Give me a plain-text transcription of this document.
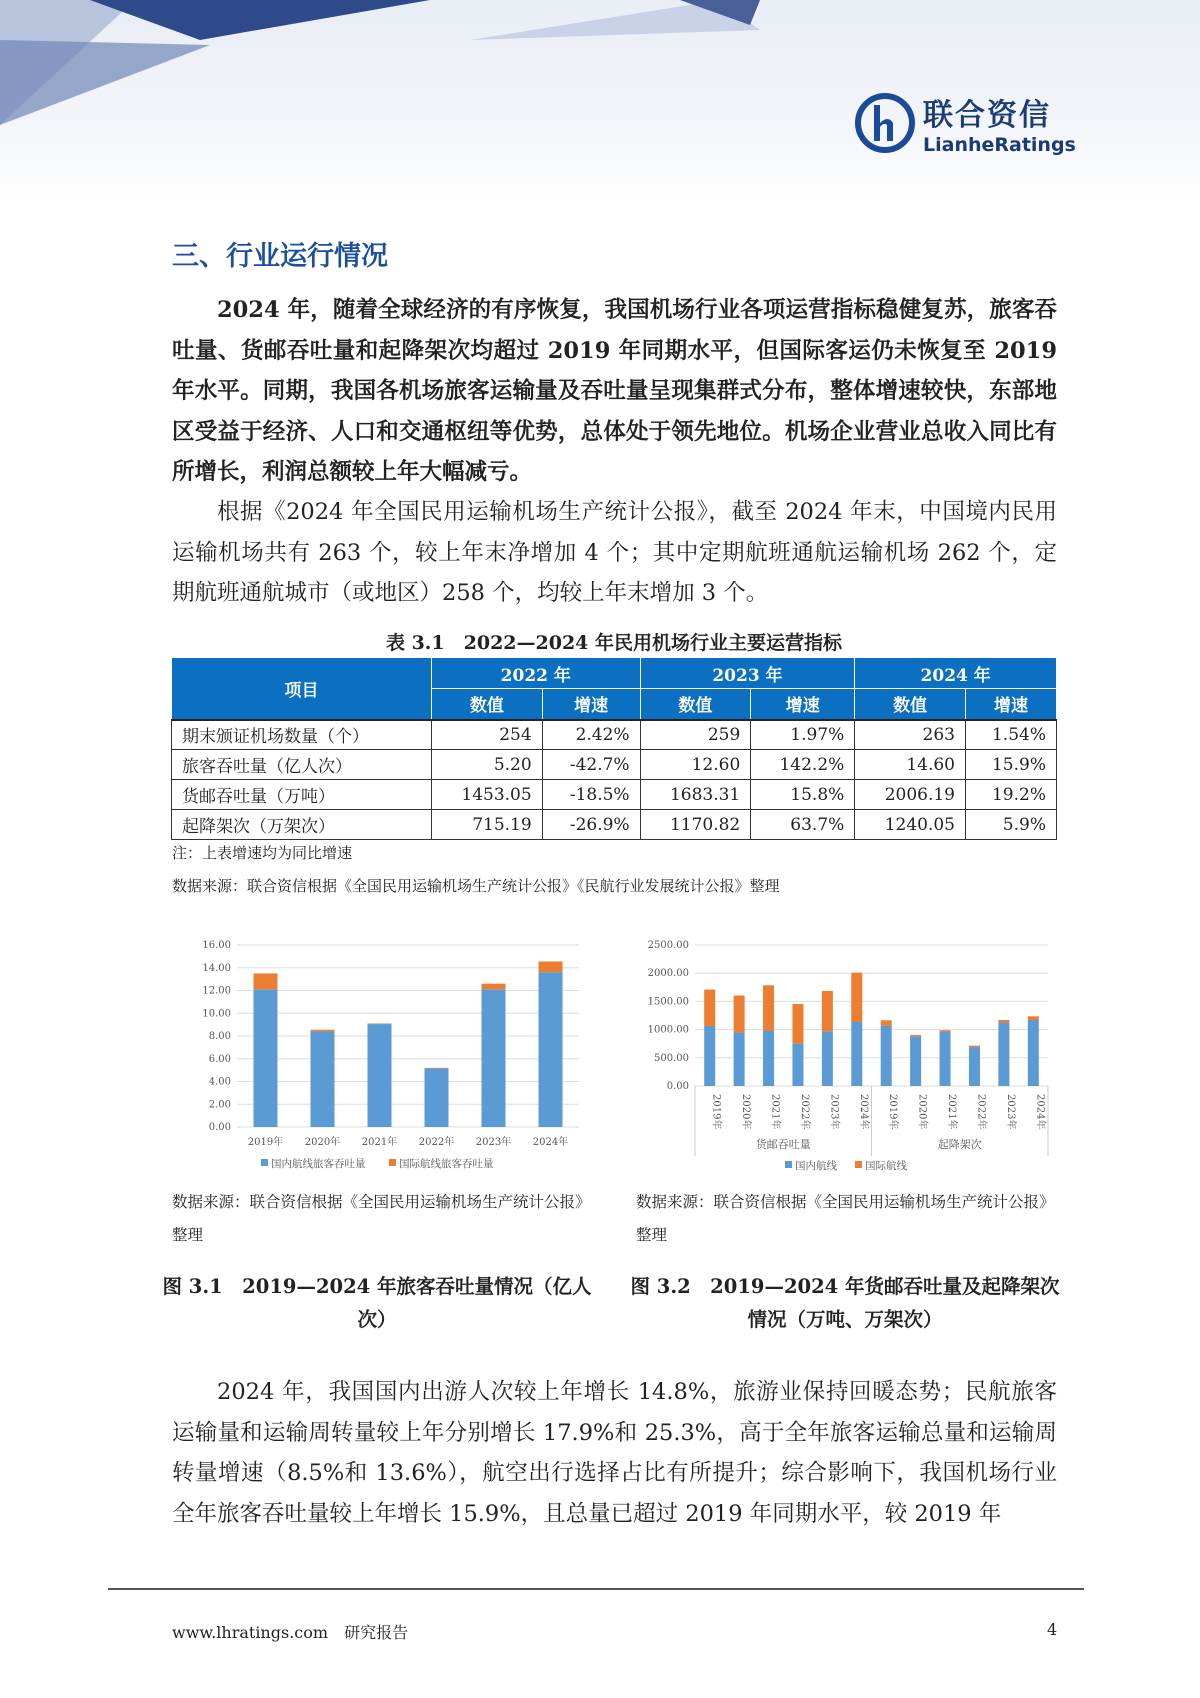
联合资信
LianheRatings
三、行业运行情况
2024 年，随着全球经济的有序恢复，我国机场行业各项运营指标稳健复苏，旅客吞吐量、货邮吞吐量和起降架次均超过 2019 年同期水平，但国际客运仍未恢复至 2019 年水平。同期，我国各机场旅客运输量及吞吐量呈现集群式分布，整体增速较快，东部地区受益于经济、人口和交通枢纽等优势，总体处于领先地位。机场企业营业总收入同比有所增长，利润总额较上年大幅减亏。
根据《2024 年全国民用运输机场生产统计公报》，截至 2024 年末，中国境内民用运输机场共有 263 个，较上年末净增加 4 个；其中定期航班通航运输机场 262 个，定期航班通航城市（或地区）258 个，均较上年末增加 3 个。
表 3.1　2022—2024 年民用机场行业主要运营指标
项目	2022 年		2023 年		2024 年	
	数值	增速	数值	增速	数值	增速
期末颁证机场数量（个）	254	2.42%	259	1.97%	263	1.54%
旅客吞吐量（亿人次）	5.20	-42.7%	12.60	142.2%	14.60	15.9%
货邮吞吐量（万吨）	1453.05	-18.5%	1683.31	15.8%	2006.19	19.2%
起降架次（万架次）	715.19	-26.9%	1170.82	63.7%	1240.05	5.9%
注：上表增速均为同比增速
数据来源：联合资信根据《全国民用运输机场生产统计公报》《民航行业发展统计公报》整理
0.00
2.00
4.00
6.00
8.00
10.00
12.00
14.00
16.00
2019年 2020年 2021年 2022年 2023年 2024年
国内航线旅客吞吐量	国际航线旅客吞吐量
0.00
500.00
1000.00
1500.00
2000.00
2500.00
2019年 2020年 2021年 2022年 2023年 2024年 2019年 2020年 2021年 2022年 2023年 2024年
货邮吞吐量	起降架次
国内航线	国际航线
数据来源：联合资信根据《全国民用运输机场生产统计公报》整理
数据来源：联合资信根据《全国民用运输机场生产统计公报》整理
图 3.1　2019—2024 年旅客吞吐量情况（亿人次）
图 3.2　2019—2024 年货邮吞吐量及起降架次情况（万吨、万架次）
2024 年，我国国内出游人次较上年增长 14.8%，旅游业保持回暖态势；民航旅客运输量和运输周转量较上年分别增长 17.9%和 25.3%，高于全年旅客运输总量和运输周转量增速（8.5%和 13.6%），航空出行选择占比有所提升；综合影响下，我国机场行业全年旅客吞吐量较上年增长 15.9%，且总量已超过 2019 年同期水平，较 2019 年
www.lhratings.com　 研究报告	4
